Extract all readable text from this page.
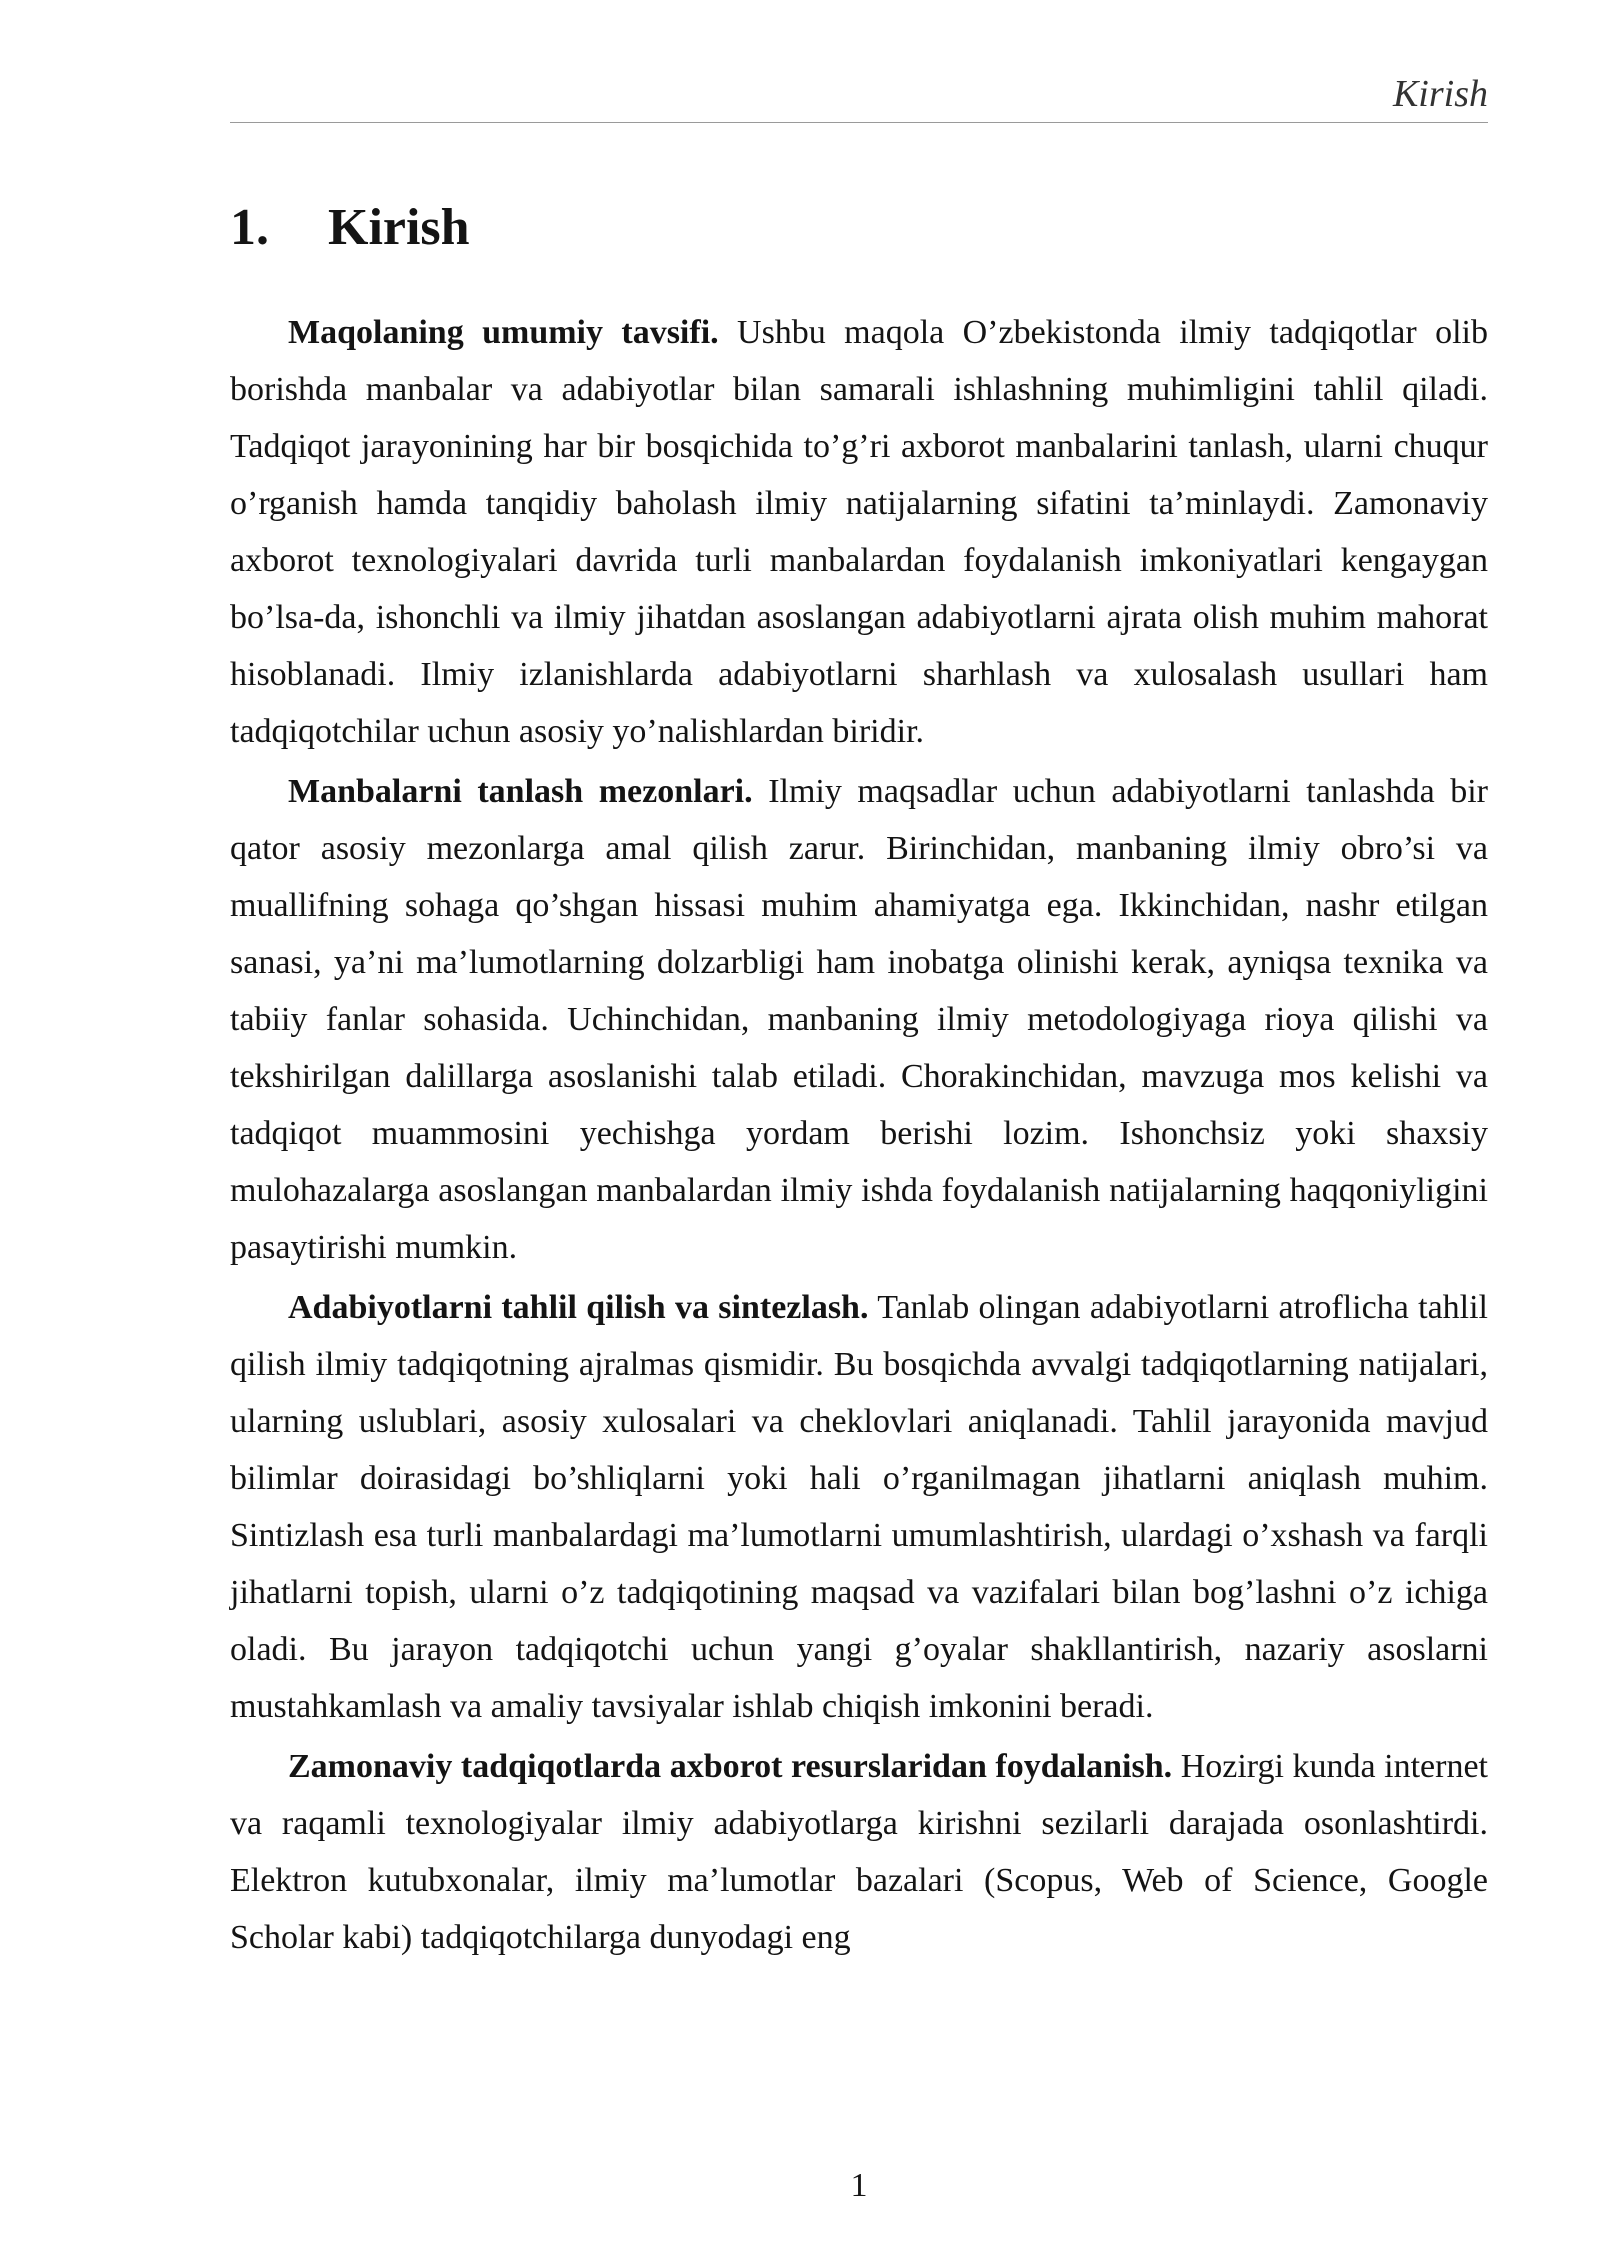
Kirish
1. Kirish

Maqolaning umumiy tavsifi. Ushbu maqola O’zbekistonda ilmiy tadqiqotlar olib borishda manbalar va adabiyotlar bilan samarali ishlashning muhimligini tahlil qiladi. Tadqiqot jarayonining har bir bosqichida to’g’ri axborot manbalarini tanlash, ularni chuqur o’rganish hamda tanqidiy baholash ilmiy natijalarning sifatini ta’minlaydi. Zamonaviy axborot texnologiyalari davrida turli manbalardan foydalanish imkoniyatlari kengaygan bo’lsa-da, ishonchli va ilmiy jihatdan asoslangan adabiyotlarni ajrata olish muhim mahorat hisoblanadi. Ilmiy izlanishlarda adabiyotlarni sharhlash va xulosalash usullari ham tadqiqotchilar uchun asosiy yo’nalishlardan biridir.

Manbalarni tanlash mezonlari. Ilmiy maqsadlar uchun adabiyotlarni tanlashda bir qator asosiy mezonlarga amal qilish zarur. Birinchidan, manbaning ilmiy obro’si va muallifning sohaga qo’shgan hissasi muhim ahamiyatga ega. Ikkinchidan, nashr etilgan sanasi, ya’ni ma’lumotlarning dolzarbligi ham inobatga olinishi kerak, ayniqsa texnika va tabiiy fanlar sohasida. Uchinchidan, manbaning ilmiy metodologiyaga rioya qilishi va tekshirilgan dalillarga asoslanishi talab etiladi. Chorakinchidan, mavzuga mos kelishi va tadqiqot muammosini yechishga yordam berishi lozim. Ishonchsiz yoki shaxsiy mulohazalarga asoslangan manbalardan ilmiy ishda foydalanish natijalarning haqqoniyligini pasaytirishi mumkin.

Adabiyotlarni tahlil qilish va sintezlash. Tanlab olingan adabiyotlarni atroflicha tahlil qilish ilmiy tadqiqotning ajralmas qismidir. Bu bosqichda avvalgi tadqiqotlarning natijalari, ularning uslublari, asosiy xulosalari va cheklovlari aniqlanadi. Tahlil jarayonida mavjud bilimlar doirasidagi bo’shliqlarni yoki hali o’rganilmagan jihatlarni aniqlash muhim. Sintizlash esa turli manbalardagi ma’lumotlarni umumlashtirish, ulardagi o’xshash va farqli jihatlarni topish, ularni o’z tadqiqotining maqsad va vazifalari bilan bog’lashni o’z ichiga oladi. Bu jarayon tadqiqotchi uchun yangi g’oyalar shakllantirish, nazariy asoslarni mustahkamlash va amaliy tavsiyalar ishlab chiqish imkonini beradi.

Zamonaviy tadqiqotlarda axborot resurslaridan foydalanish. Hozirgi kunda internet va raqamli texnologiyalar ilmiy adabiyotlarga kirishni sezilarli darajada osonlashtirdi. Elektron kutubxonalar, ilmiy ma’lumotlar bazalari (Scopus, Web of Science, Google Scholar kabi) tadqiqotchilarga dunyodagi eng

1
